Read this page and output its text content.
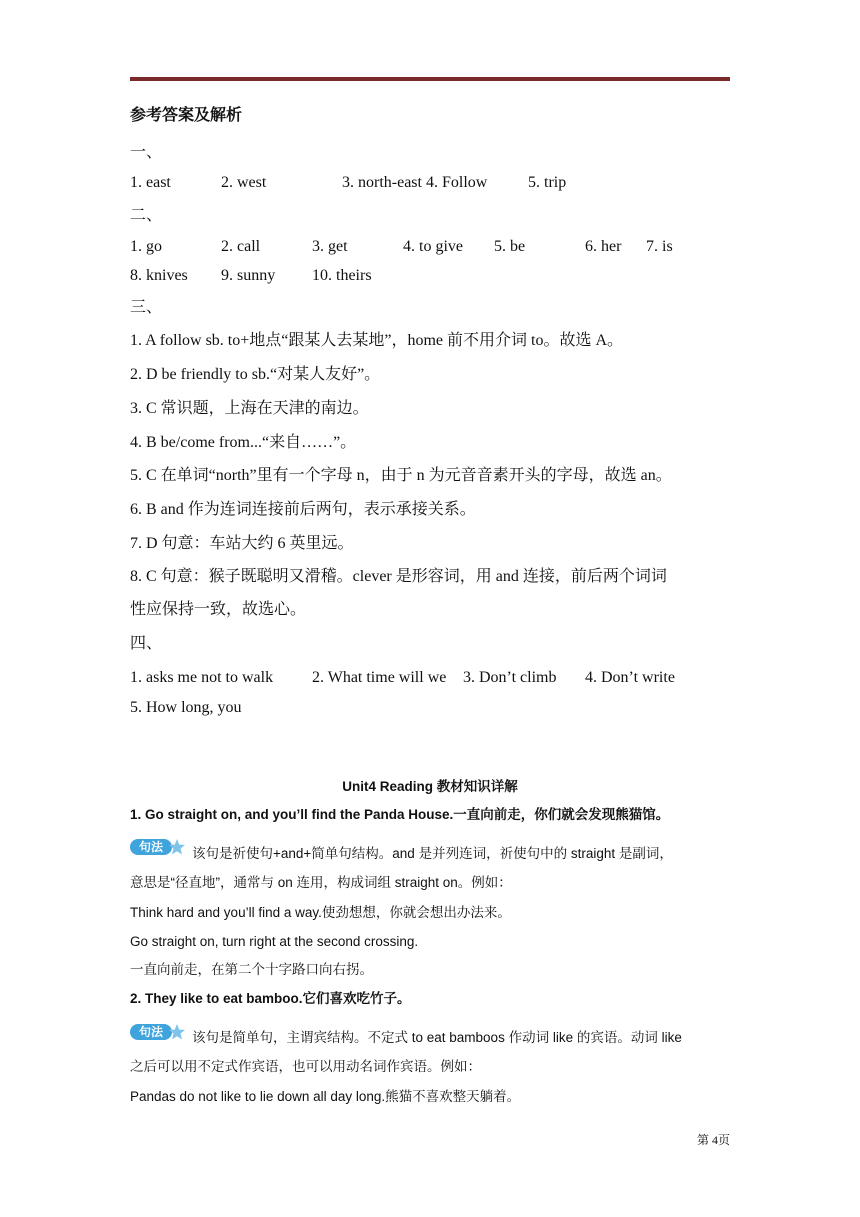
参考答案及解析
一、
1. east	2. west	3. north-east 4. Follow	5. trip
二、
1. go	2. call	3. get	4. to give 5. be	6. her 7. is
8. knives 9. sunny 10. theirs
三、
1. A follow sb. to+地点“跟某人去某地”，home 前不用介词 to。故选 A。
2. D be friendly to sb.“对某人友好”。
3. C 常识题，上海在天津的南边。
4. B be/come from...“来自……”。
5. C 在单词“north”里有一个字母 n，由于 n 为元音音素开头的字母，故选 an。
6. B and 作为连词连接前后两句，表示承接关系。
7. D 句意：车站大约 6 英里远。
8. C 句意：猴子既聪明又滑稽。clever 是形容词，用 and 连接，前后两个词词
性应保持一致，故选心。
四、
1. asks me not to walk 2. What time will we 3. Don’t climb 4. Don’t write
5. How long, you
Unit4 Reading 教材知识详解
1. Go straight on, and you’ll find the Panda House.一直向前走，你们就会发现熊猫馆。
句法	该句是祈使句+and+简单句结构。and 是并列连词，祈使句中的 straight 是副词，
意思是“径直地”，通常与 on 连用，构成词组 straight on。例如：
Think hard and you’ll find a way.使劲想想，你就会想出办法来。
Go straight on, turn right at the second crossing.
一直向前走，在第二个十字路口向右拐。
2. They like to eat bamboo.它们喜欢吃竹子。
句法	该句是简单句，主谓宾结构。不定式 to eat bamboos 作动词 like 的宾语。动词 like
之后可以用不定式作宾语，也可以用动名词作宾语。例如：
Pandas do not like to lie down all day long.熊猫不喜欢整天躺着。
第 4页
